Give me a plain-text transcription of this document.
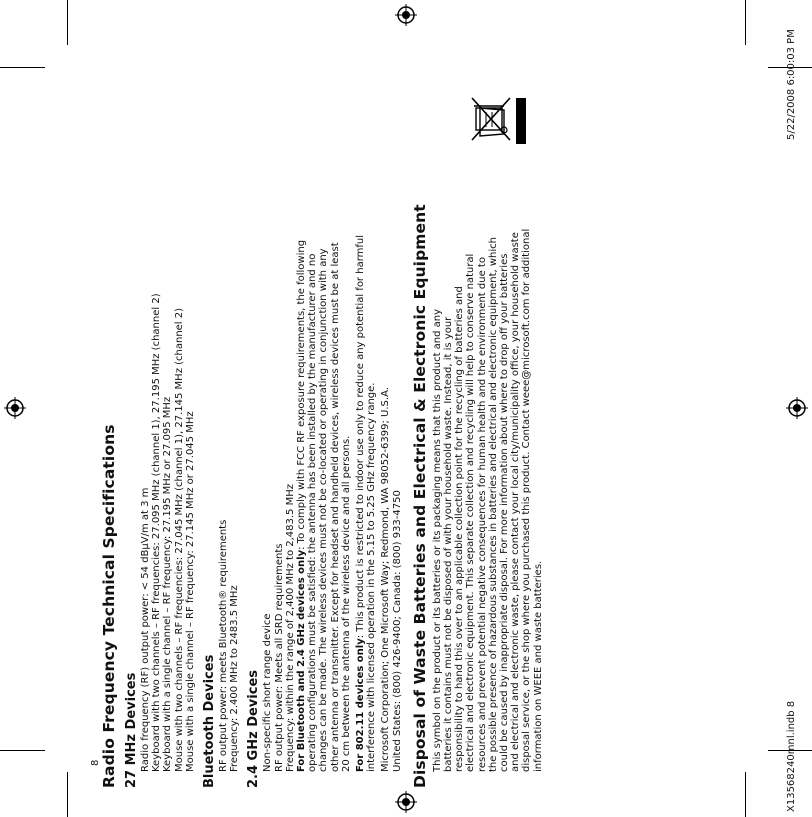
Radio Frequency Technical Specifications 27 MHz Devices Radio frequency (RF) output power: < 54 dBμV/m at 3 m Keyboard with two channels – RF frequencies: 27.095 MHz (channel 1), 27.195 MHz (channel 2) Keyboard with a single channel – RF frequency: 27.195 MHz or 27.095 MHz Mouse with two channels – RF frequencies: 27.045 MHz (channel 1), 27.145 MHz (channel 2) Mouse with a single channel – RF frequency: 27.145 MHz or 27.045 MHz Bluetooth Devices RF output power: meets Bluetooth® requirements Frequency: 2.400 MHz to 2483.5 MHz 2.4 GHz Devices Non-specific short range device RF output power: Meets all SRD requirements Frequency: within the range of 2,400 MHz to 2,483.5 MHz For Bluetooth and 2.4 GHz devices only: To comply with FCC RF exposure requirements, the following operating configurations must be satisfied: the antenna has been installed by the manufacturer and no changes can be made. The wireless devices must not be co-located or operating in conjunction with any other antenna or transmitter. Except for headset and handheld devices, wireless devices must be at least 20 cm between the antenna of the wireless device and all persons. For 802.11 devices only: This product is restricted to indoor use only to reduce any potential for harmful interference with licensed operation in the 5.15 to 5.25 GHz frequency range. Microsoft Corporation; One Microsoft Way; Redmond, WA 98052-6399; U.S.A. United States: (800) 426-9400; Canada: (800) 933-4750 Disposal of Waste Batteries and Electrical & Electronic Equipment This symbol on the product or its batteries or its packaging means that this product and any batteries it contains must not be disposed of with your household waste. Instead, it is your responsibility to hand this over to an applicable collection point for the recycling of batteries and electrical and electronic equipment. This separate collection and recycling will help to conserve natural resources and prevent potential negative consequences for human health and the environment due to the possible presence of hazardous substances in batteries and electrical and electronic equipment, which could be caused by inappropriate disposal. For more information about where to drop off your batteries and electrical and electronic waste, please contact your local city/municipality office, your household waste disposal service, or the shop where you purchased this product. Contact weee@microsoft.com for additional information on WEEE and waste batteries.
8	X13568240mnl.indb 8
5/22/2008 6:00:03 PM
